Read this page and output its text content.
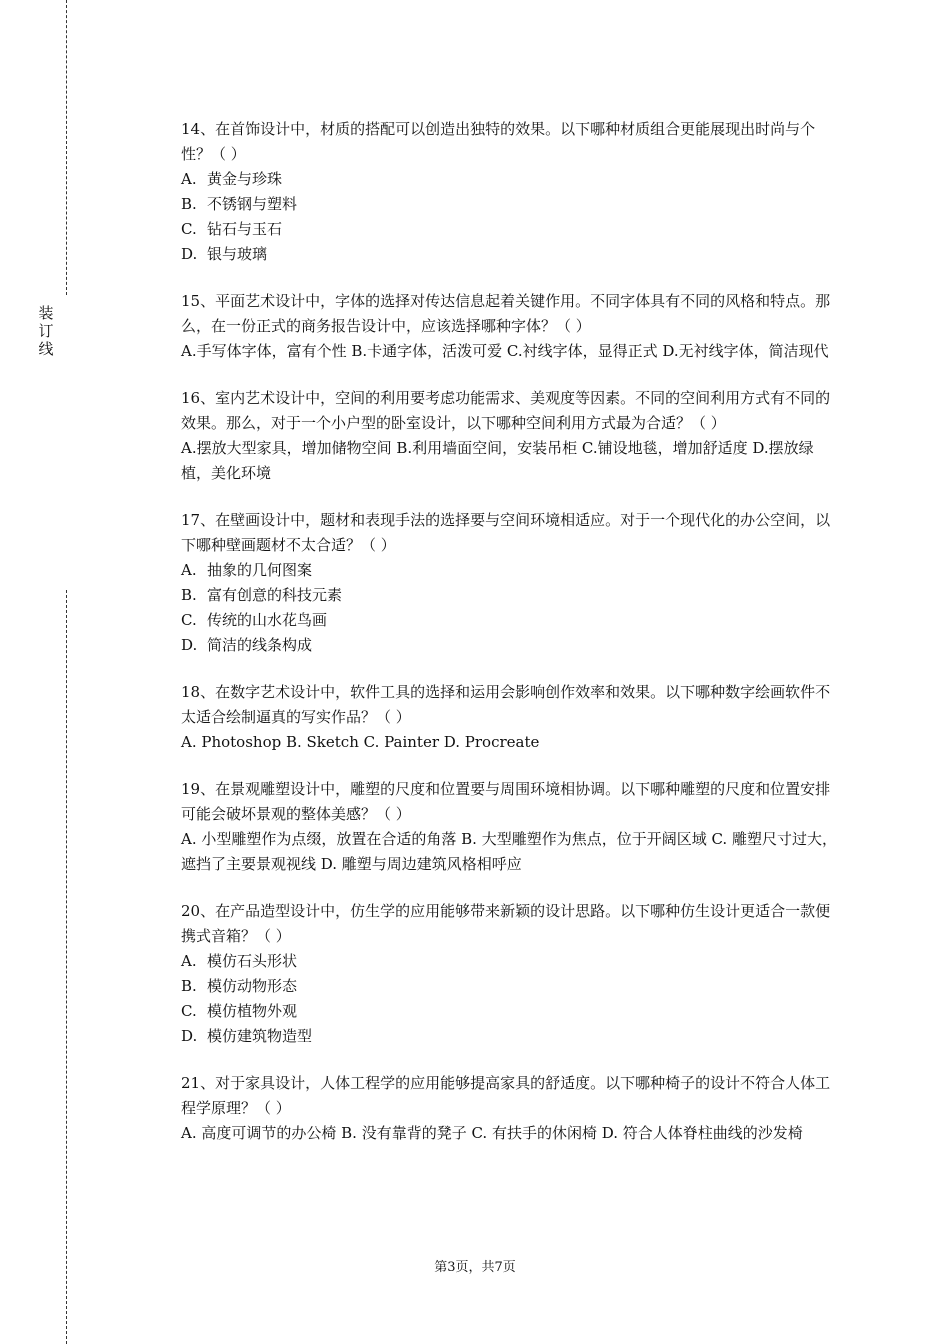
装
订
线
14、在首饰设计中，材质的搭配可以创造出独特的效果。以下哪种材质组合更能展现出时尚与个性？（ ）
A. 黄金与珍珠
B. 不锈钢与塑料
C. 钻石与玉石
D. 银与玻璃
15、平面艺术设计中，字体的选择对传达信息起着关键作用。不同字体具有不同的风格和特点。那么，在一份正式的商务报告设计中，应该选择哪种字体？（ ）
A.手写体字体，富有个性 B.卡通字体，活泼可爱 C.衬线字体，显得正式 D.无衬线字体，简洁现代
16、室内艺术设计中，空间的利用要考虑功能需求、美观度等因素。不同的空间利用方式有不同的效果。那么，对于一个小户型的卧室设计，以下哪种空间利用方式最为合适？（ ）
A.摆放大型家具，增加储物空间 B.利用墙面空间，安装吊柜 C.铺设地毯，增加舒适度 D.摆放绿植，美化环境
17、在壁画设计中，题材和表现手法的选择要与空间环境相适应。对于一个现代化的办公空间，以下哪种壁画题材不太合适？（ ）
A. 抽象的几何图案
B. 富有创意的科技元素
C. 传统的山水花鸟画
D. 简洁的线条构成
18、在数字艺术设计中，软件工具的选择和运用会影响创作效率和效果。以下哪种数字绘画软件不太适合绘制逼真的写实作品？（ ）
A. Photoshop B. Sketch C. Painter D. Procreate
19、在景观雕塑设计中，雕塑的尺度和位置要与周围环境相协调。以下哪种雕塑的尺度和位置安排可能会破坏景观的整体美感？（ ）
A. 小型雕塑作为点缀，放置在合适的角落 B. 大型雕塑作为焦点，位于开阔区域 C. 雕塑尺寸过大，遮挡了主要景观视线 D. 雕塑与周边建筑风格相呼应
20、在产品造型设计中，仿生学的应用能够带来新颖的设计思路。以下哪种仿生设计更适合一款便携式音箱？（ ）
A. 模仿石头形状
B. 模仿动物形态
C. 模仿植物外观
D. 模仿建筑物造型
21、对于家具设计，人体工程学的应用能够提高家具的舒适度。以下哪种椅子的设计不符合人体工程学原理？（ ）
A. 高度可调节的办公椅 B. 没有靠背的凳子 C. 有扶手的休闲椅 D. 符合人体脊柱曲线的沙发椅
第3页，共7页
